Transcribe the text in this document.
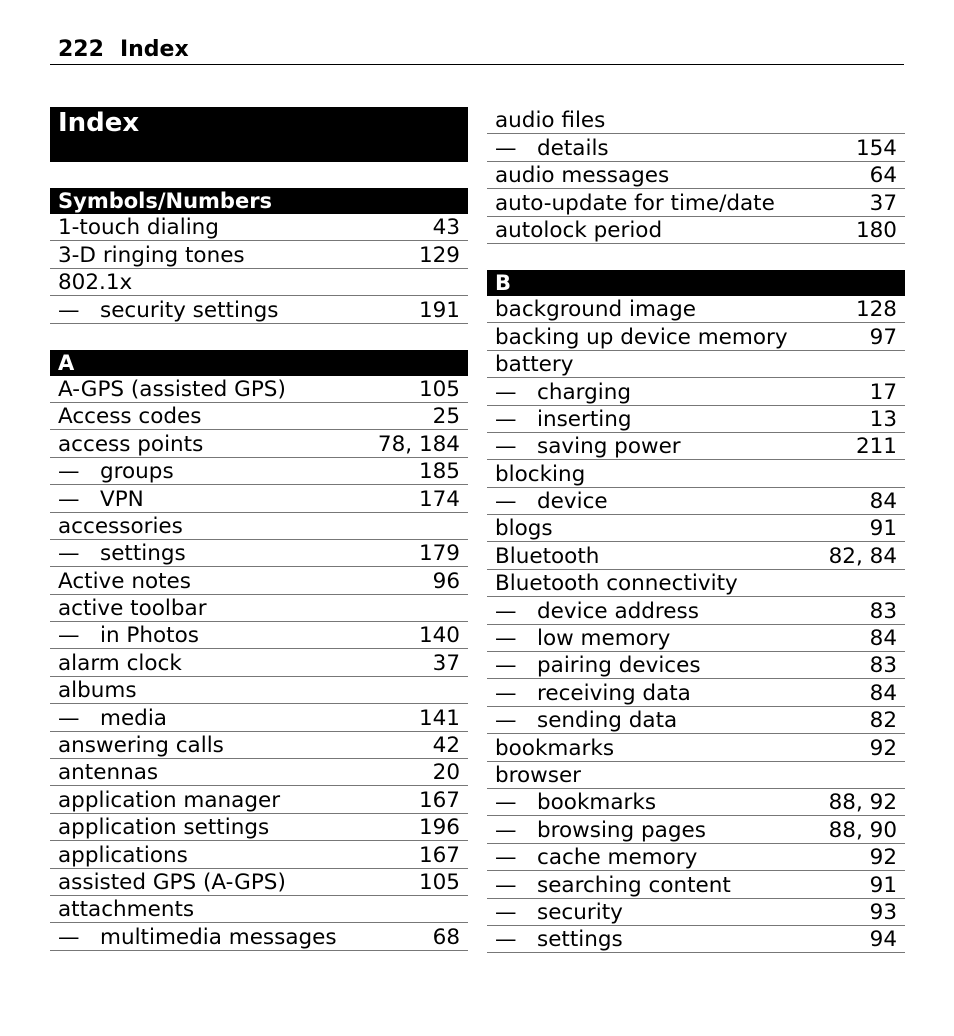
222 Index
Index
Symbols/Numbers
1-touch dialing	43
3-D ringing tones	129
802.1x
— security settings	191
A
A-GPS (assisted GPS)	105
Access codes	25
access points	78, 184
— groups	185
— VPN	174
accessories
— settings	179
Active notes	96
active toolbar
— in Photos	140
alarm clock	37
albums
— media	141
answering calls	42
antennas	20
application manager	167
application settings	196
applications	167
assisted GPS (A-GPS)	105
attachments
— multimedia messages	68
audio files
— details	154
audio messages	64
auto-update for time/date	37
autolock period	180
B
background image	128
backing up device memory	97
battery
— charging	17
— inserting	13
— saving power	211
blocking
— device	84
blogs	91
Bluetooth	82, 84
Bluetooth connectivity
— device address	83
— low memory	84
— pairing devices	83
— receiving data	84
— sending data	82
bookmarks	92
browser
— bookmarks	88, 92
— browsing pages	88, 90
— cache memory	92
— searching content	91
— security	93
— settings	94
